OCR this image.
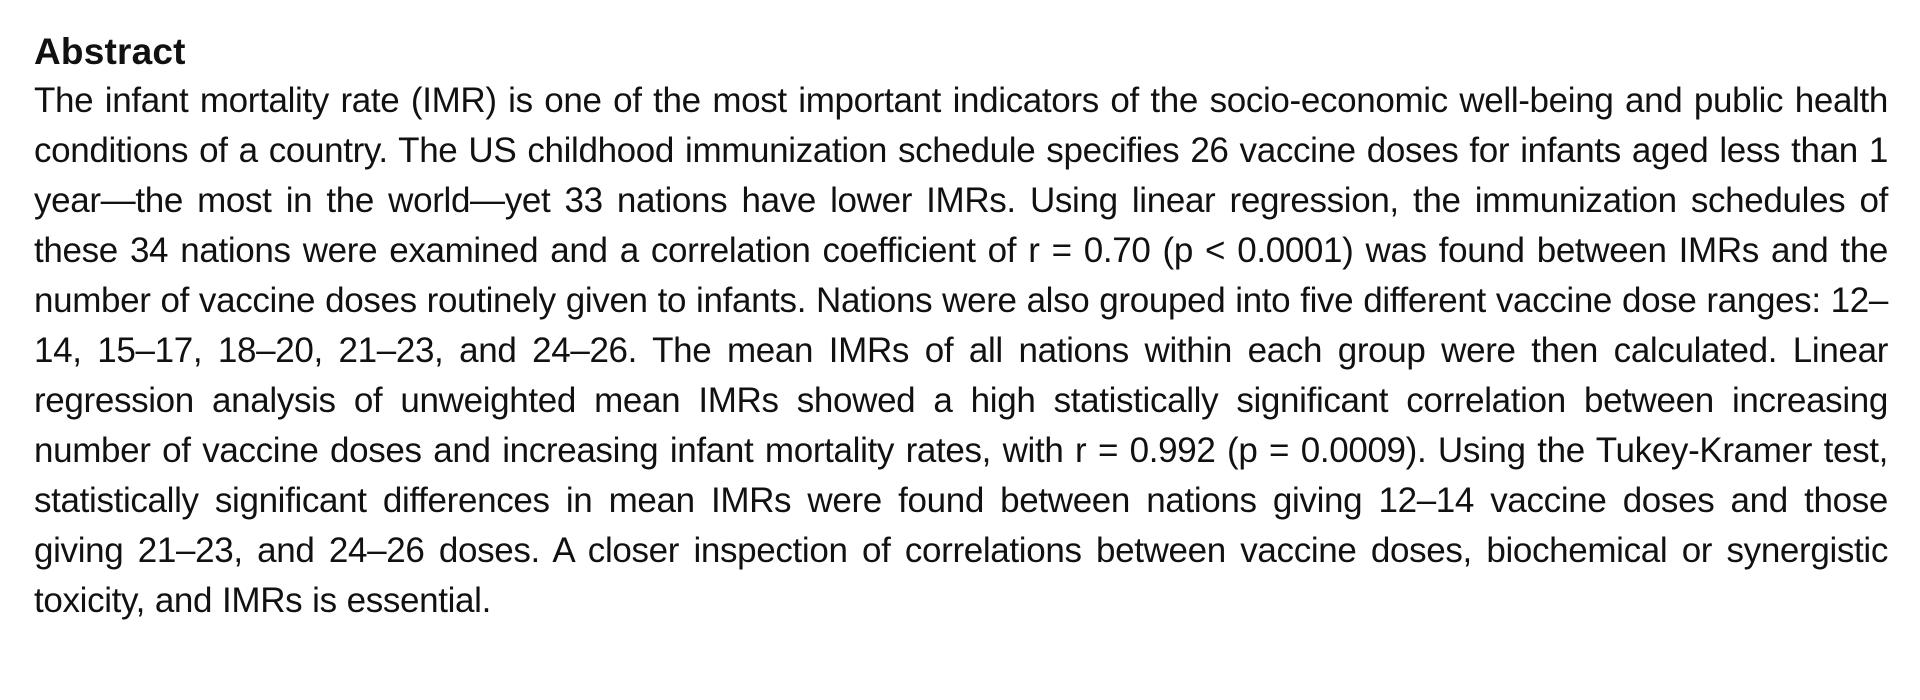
Abstract

The infant mortality rate (IMR) is one of the most important indicators of the socio-economic well-being and public health conditions of a country. The US childhood immunization schedule specifies 26 vaccine doses for infants aged less than 1 year—the most in the world—yet 33 nations have lower IMRs. Using linear regression, the immunization schedules of these 34 nations were examined and a correlation coefficient of r = 0.70 (p < 0.0001) was found between IMRs and the number of vaccine doses routinely given to infants. Nations were also grouped into five different vaccine dose ranges: 12–14, 15–17, 18–20, 21–23, and 24–26. The mean IMRs of all nations within each group were then calculated. Linear regression analysis of unweighted mean IMRs showed a high statistically significant correlation between increasing number of vaccine doses and increasing infant mortality rates, with r = 0.992 (p = 0.0009). Using the Tukey-Kramer test, statistically significant differences in mean IMRs were found between nations giving 12–14 vaccine doses and those giving 21–23, and 24–26 doses. A closer inspection of correlations between vaccine doses, biochemical or synergistic toxicity, and IMRs is essential.
